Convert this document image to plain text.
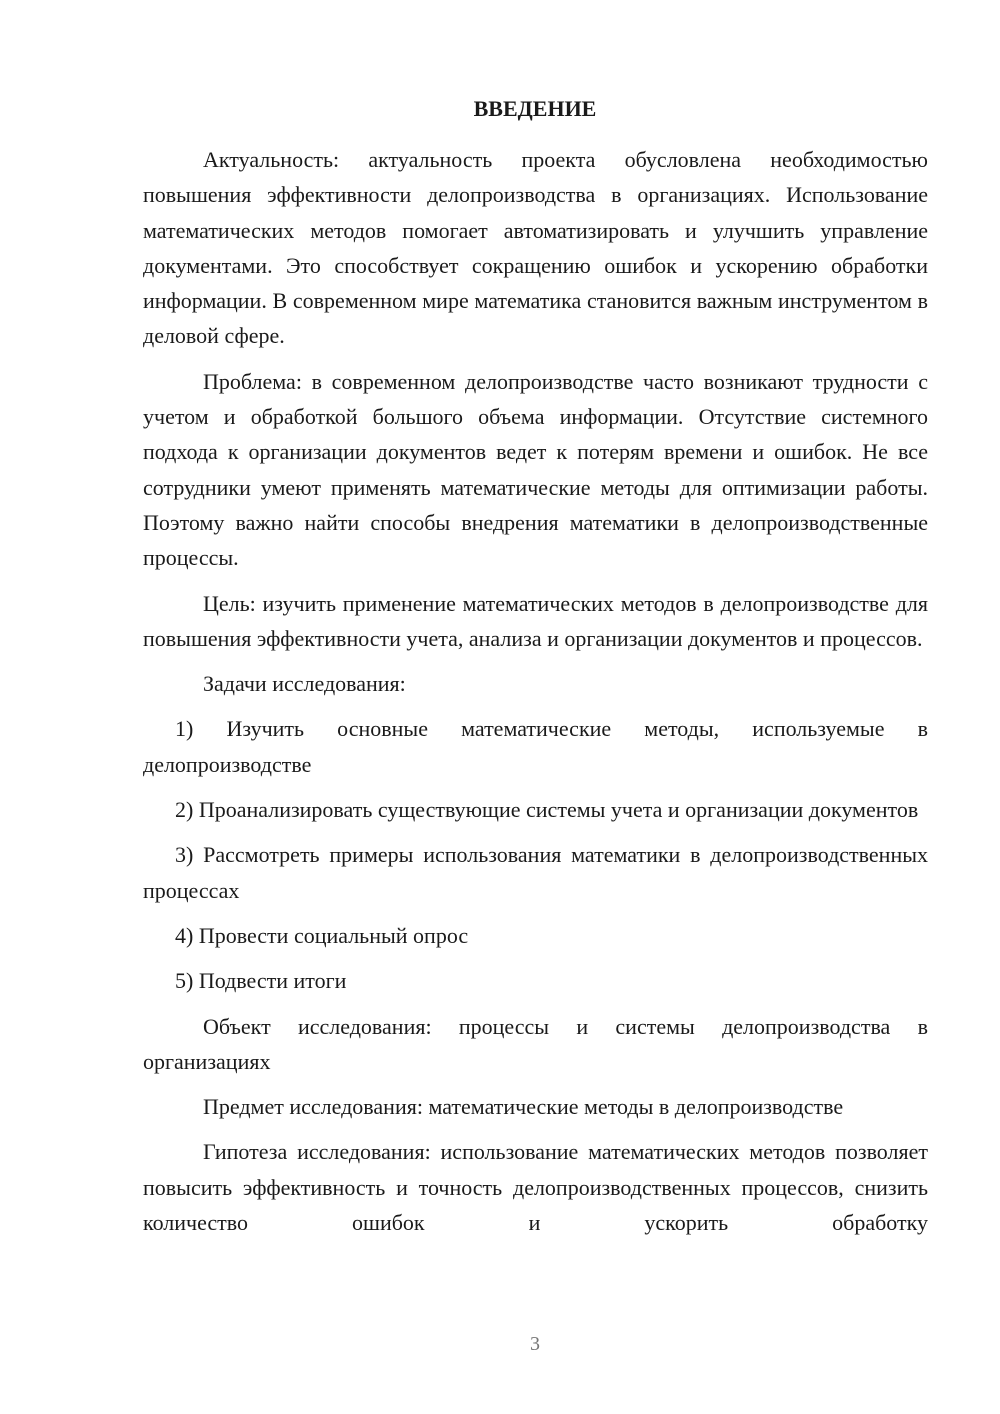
ВВЕДЕНИЕ

Актуальность: актуальность проекта обусловлена необходимостью повышения эффективности делопроизводства в организациях. Использование математических методов помогает автоматизировать и улучшить управление документами. Это способствует сокращению ошибок и ускорению обработки информации. В современном мире математика становится важным инструментом в деловой сфере.

Проблема: в современном делопроизводстве часто возникают трудности с учетом и обработкой большого объема информации. Отсутствие системного подхода к организации документов ведет к потерям времени и ошибок. Не все сотрудники умеют применять математические методы для оптимизации работы. Поэтому важно найти способы внедрения математики в делопроизводственные процессы.

Цель: изучить применение математических методов в делопроизводстве для повышения эффективности учета, анализа и организации документов и процессов.

Задачи исследования:

1) Изучить основные математические методы, используемые в делопроизводстве

2) Проанализировать существующие системы учета и организации документов

3) Рассмотреть примеры использования математики в делопроизводственных процессах

4) Провести социальный опрос

5) Подвести итоги

Объект исследования: процессы и системы делопроизводства в организациях

Предмет исследования: математические методы в делопроизводстве

Гипотеза исследования: использование математических методов позволяет повысить эффективность и точность делопроизводственных процессов, снизить количество ошибок и ускорить обработку

3
